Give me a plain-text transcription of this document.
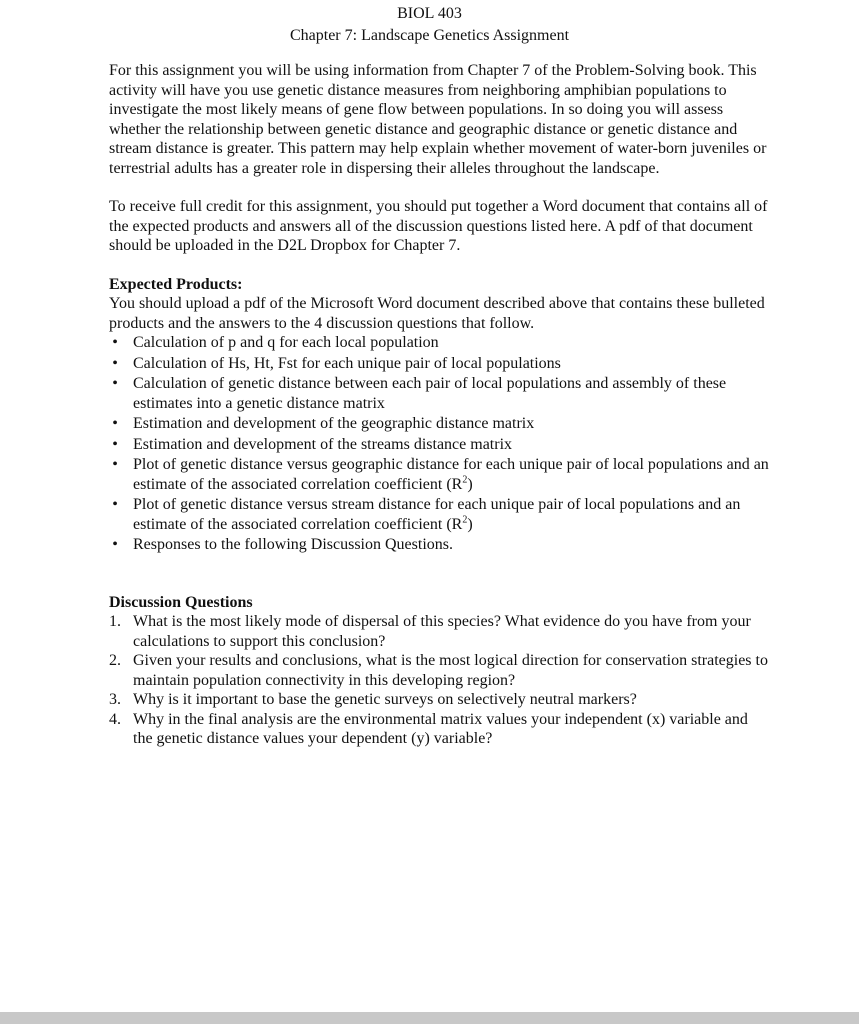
BIOL 403
Chapter 7: Landscape Genetics Assignment

For this assignment you will be using information from Chapter 7 of the Problem-Solving book. This activity will have you use genetic distance measures from neighboring amphibian populations to investigate the most likely means of gene flow between populations. In so doing you will assess whether the relationship between genetic distance and geographic distance or genetic distance and stream distance is greater. This pattern may help explain whether movement of water-born juveniles or terrestrial adults has a greater role in dispersing their alleles throughout the landscape.

To receive full credit for this assignment, you should put together a Word document that contains all of the expected products and answers all of the discussion questions listed here. A pdf of that document should be uploaded in the D2L Dropbox for Chapter 7.

Expected Products:

You should upload a pdf of the Microsoft Word document described above that contains these bulleted products and the answers to the 4 discussion questions that follow.

• Calculation of p and q for each local population
• Calculation of Hs, Ht, Fst for each unique pair of local populations
• Calculation of genetic distance between each pair of local populations and assembly of these estimates into a genetic distance matrix
• Estimation and development of the geographic distance matrix
• Estimation and development of the streams distance matrix
• Plot of genetic distance versus geographic distance for each unique pair of local populations and an estimate of the associated correlation coefficient $(R^2)$
• Plot of genetic distance versus stream distance for each unique pair of local populations and an estimate of the associated correlation coefficient $(R^2)$
• Responses to the following Discussion Questions.
Discussion Questions
1. What is the most likely mode of dispersal of this species? What evidence do you have from your calculations to support this conclusion?
2. Given your results and conclusions, what is the most logical direction for conservation strategies to maintain population connectivity in this developing region?
3. Why is it important to base the genetic surveys on selectively neutral markers?
4. Why in the final analysis are the environmental matrix values your independent (x) variable and the genetic distance values your dependent (y) variable?
